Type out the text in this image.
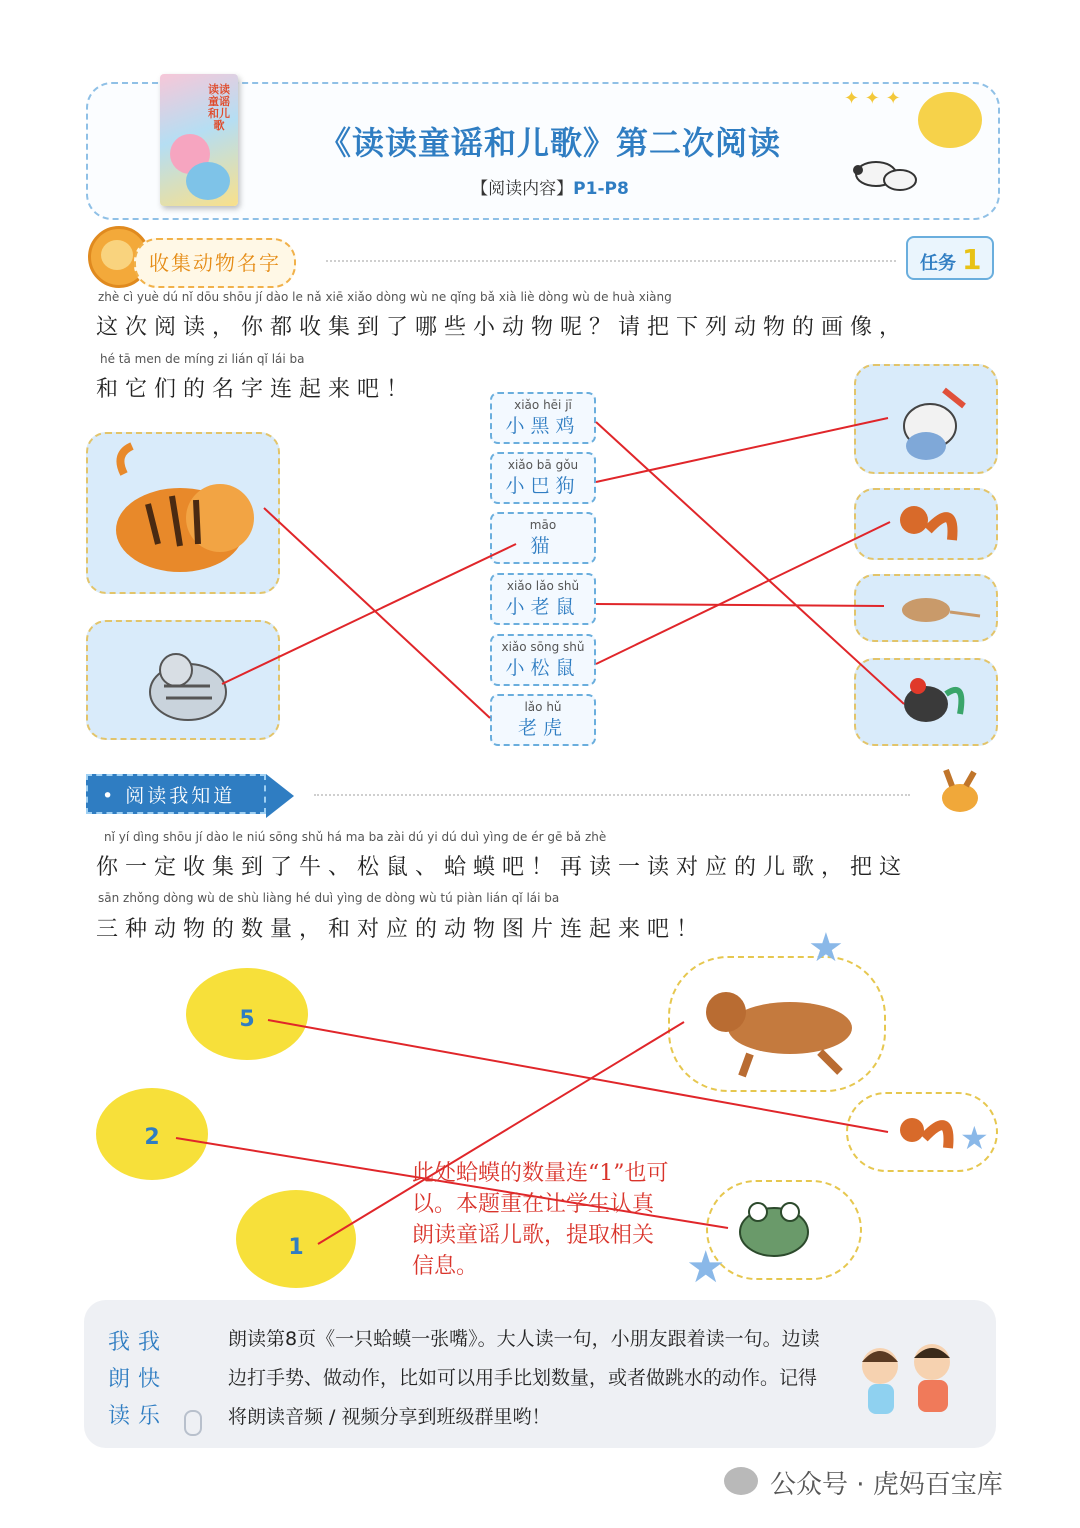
读读童谣和儿歌	《读读童谣和儿歌》第二次阅读
【阅读内容】P1-P8
✦ ✦ ✦
收集动物名字	任务 1
zhè cì yuè dú nǐ dōu shōu jí dào le nǎ xiē xiǎo dòng wù ne qǐng bǎ xià liè dòng wù de huà xiàng
这次阅读，你都收集到了哪些小动物呢？请把下列动物的画像，
hé tā men de míng zi lián qǐ lái ba
和它们的名字连起来吧！
xiǎo hēi jī
小黑鸡
xiǎo bā gǒu
小巴狗
māo
猫
xiǎo lǎo shǔ
小老鼠
xiǎo sōng shǔ
小松鼠
lǎo hǔ
老虎
• 阅读我知道
nǐ yí dìng shōu jí dào le niú sōng shǔ há ma ba zài dú yi dú duì yìng de ér gē bǎ zhè
你一定收集到了牛、松鼠、蛤蟆吧！再读一读对应的儿歌，把这
sān zhǒng dòng wù de shù liàng hé duì yìng de dòng wù tú piàn lián qǐ lái ba
三种动物的数量，和对应的动物图片连起来吧！
5
2
1
★
★
★
此处蛤蟆的数量连“1”也可以。本题重在让学生认真朗读童谣儿歌，提取相关信息。
我我
朗快
读乐
朗读第8页《一只蛤蟆一张嘴》。大人读一句，小朋友跟着读一句。边读边打手势、做动作，比如可以用手比划数量，或者做跳水的动作。记得将朗读音频 / 视频分享到班级群里哟！
公众号 · 虎妈百宝库
